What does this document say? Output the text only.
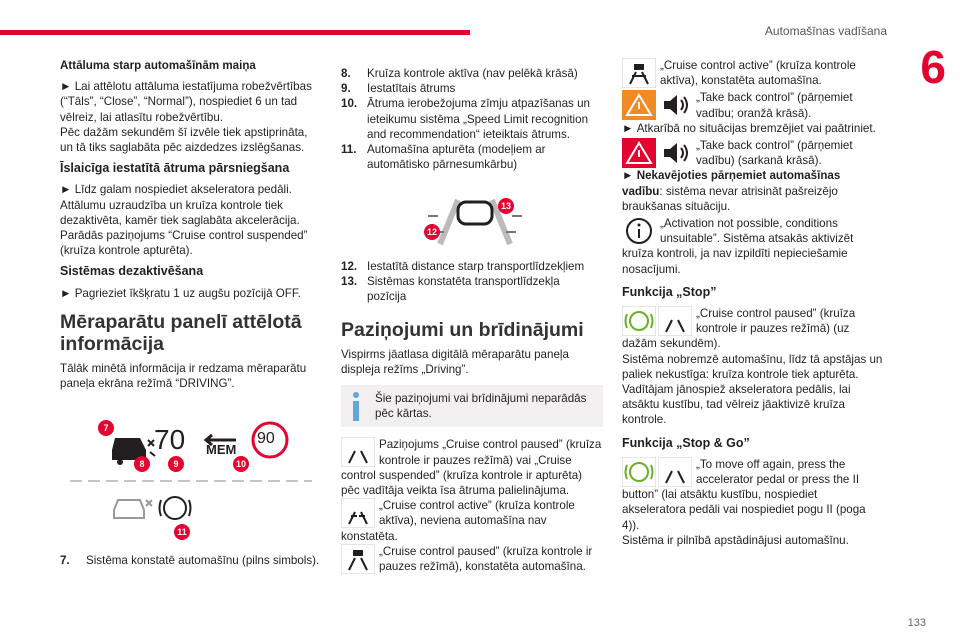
Automašīnas vadīšana
6
133

Attāluma starp automašīnām maiņa

► Lai attēlotu attāluma iestatījuma robežvērtības (“Tāls”, “Close”, “Normal”), nospiediet 6 un tad vēlreiz, lai atlasītu robežvērtību.

Pēc dažām sekundēm šī izvēle tiek apstiprināta, un tā tiks saglabāta pēc aizdedzes izslēgšanas.

Īslaicīga iestatītā ātruma pārsniegšana

► Līdz galam nospiediet akseleratora pedāli. Attālumu uzraudzība un kruīza kontrole tiek dezaktivēta, kamēr tiek saglabāta akcelerācija. Parādās paziņojums “Cruise control suspended” (kruīza kontrole apturēta).

Sistēmas dezaktivēšana

► Pagrieziet īkšķratu 1 uz augšu pozīcijā OFF.

Mēraparātu panelī attēlotā informācija

Tālāk minētā informācija ir redzama mēraparātu paneļa ekrāna režīmā “DRIVING”.

70 MEM
90
7
8	9	10
11
7. Sistēma konstatē automašīnu (pilns simbols).

8. Kruīza kontrole aktīva (nav pelēkā krāsā)

9. Iestatītais ātrums

10. Ātruma ierobežojuma zīmju atpazīšanas un ieteikumu sistēma „Speed Limit recognition and recommendation“ ieteiktais ātrums.

11. Automašīna apturēta (modeļiem ar automātisko pārnesumkārbu)

13
12

12. Iestatītā distance starp transportlīdzekļiem

13. Sistēmas konstatēta transportlīdzekļa pozīcija

Paziņojumi un brīdinājumi

Vispirms jāatlasa digitālā mēraparātu paneļa displeja režīms „Driving”.

Šie paziņojumi vai brīdinājumi neparādās pēc kārtas.
Paziņojums „Cruise control paused” (kruīza kontrole ir pauzes režīmā) vai „Cruise control suspended” (kruīza kontrole ir apturēta) pēc vadītāja veikta īsa ātruma palielinājuma.
„Cruise control active” (kruīza kontrole aktīva), neviena automašīna nav konstatēta.
„Cruise control paused” (kruīza kontrole ir pauzes režīmā), konstatēta automašīna.
„Cruise control active” (kruīza kontrole aktīva), konstatēta automašīna.
„Take back control” (pārņemiet vadību; oranžā krāsā).

► Atkarībā no situācijas bremzējiet vai paātriniet.

„Take back control” (pārņemiet vadību) (sarkanā krāsā).

► Nekavējoties pārņemiet automašīnas vadību: sistēma nevar atrisināt pašreizējo braukšanas situāciju.

„Activation not possible, conditions unsuitable”. Sistēma atsakās aktivizēt kruīza kontroli, ja nav izpildīti nepieciešamie nosacījumi.

Funkcija „Stop”

„Cruise control paused” (kruīza kontrole ir pauzes režīmā) (uz dažām sekundēm).

Sistēma nobremzē automašīnu, līdz tā apstājas un paliek nekustīga: kruīza kontrole tiek apturēta.

Vadītājam jānospiež akseleratora pedālis, lai atsāktu kustību, tad vēlreiz jāaktivizē kruīza kontrole.

Funkcija „Stop & Go”

„To move off again, press the accelerator pedal or press the II button” (lai atsāktu kustību, nospiediet akseleratora pedāli vai nospiediet pogu II (poga 4)).

Sistēma ir pilnībā apstādinājusi automašīnu.
